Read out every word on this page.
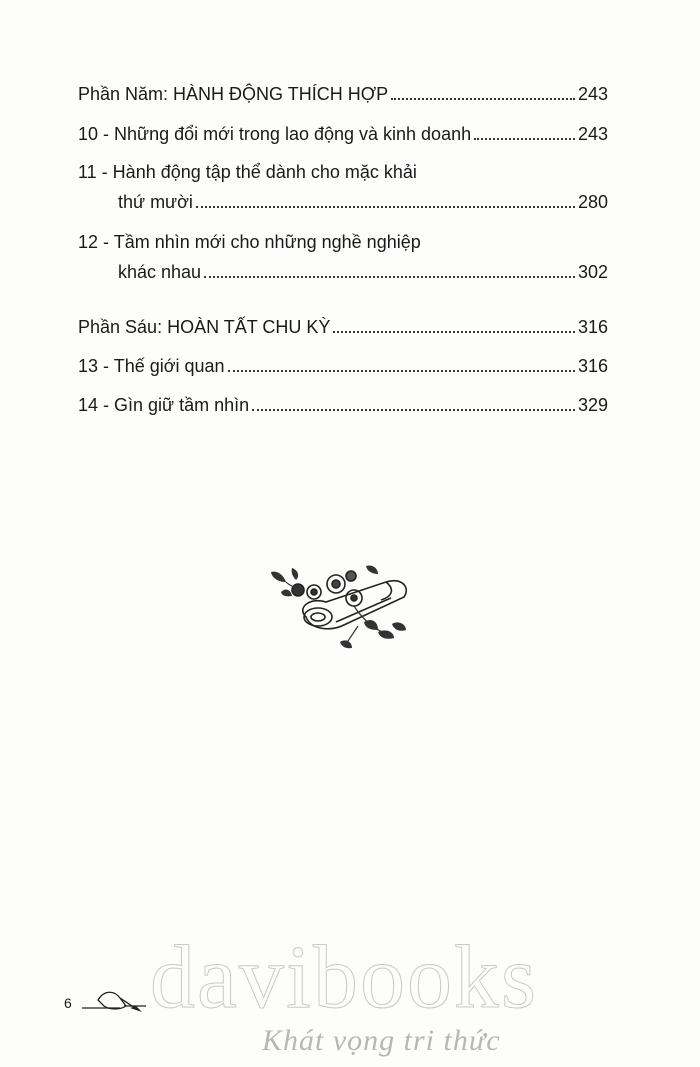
Phần Năm: HÀNH ĐỘNG THÍCH HỢP	243
10 - Những đổi mới trong lao động và kinh doanh	243
11 - Hành động tập thể dành cho mặc khải
thứ mười	280
12 - Tầm nhìn mới cho những nghề nghiệp
khác nhau	302
Phần Sáu: HOÀN TẤT CHU KỲ	316
13 - Thế giới quan	316
14 - Gìn giữ tầm nhìn	329
6 davibooks
Khát vọng tri thức
